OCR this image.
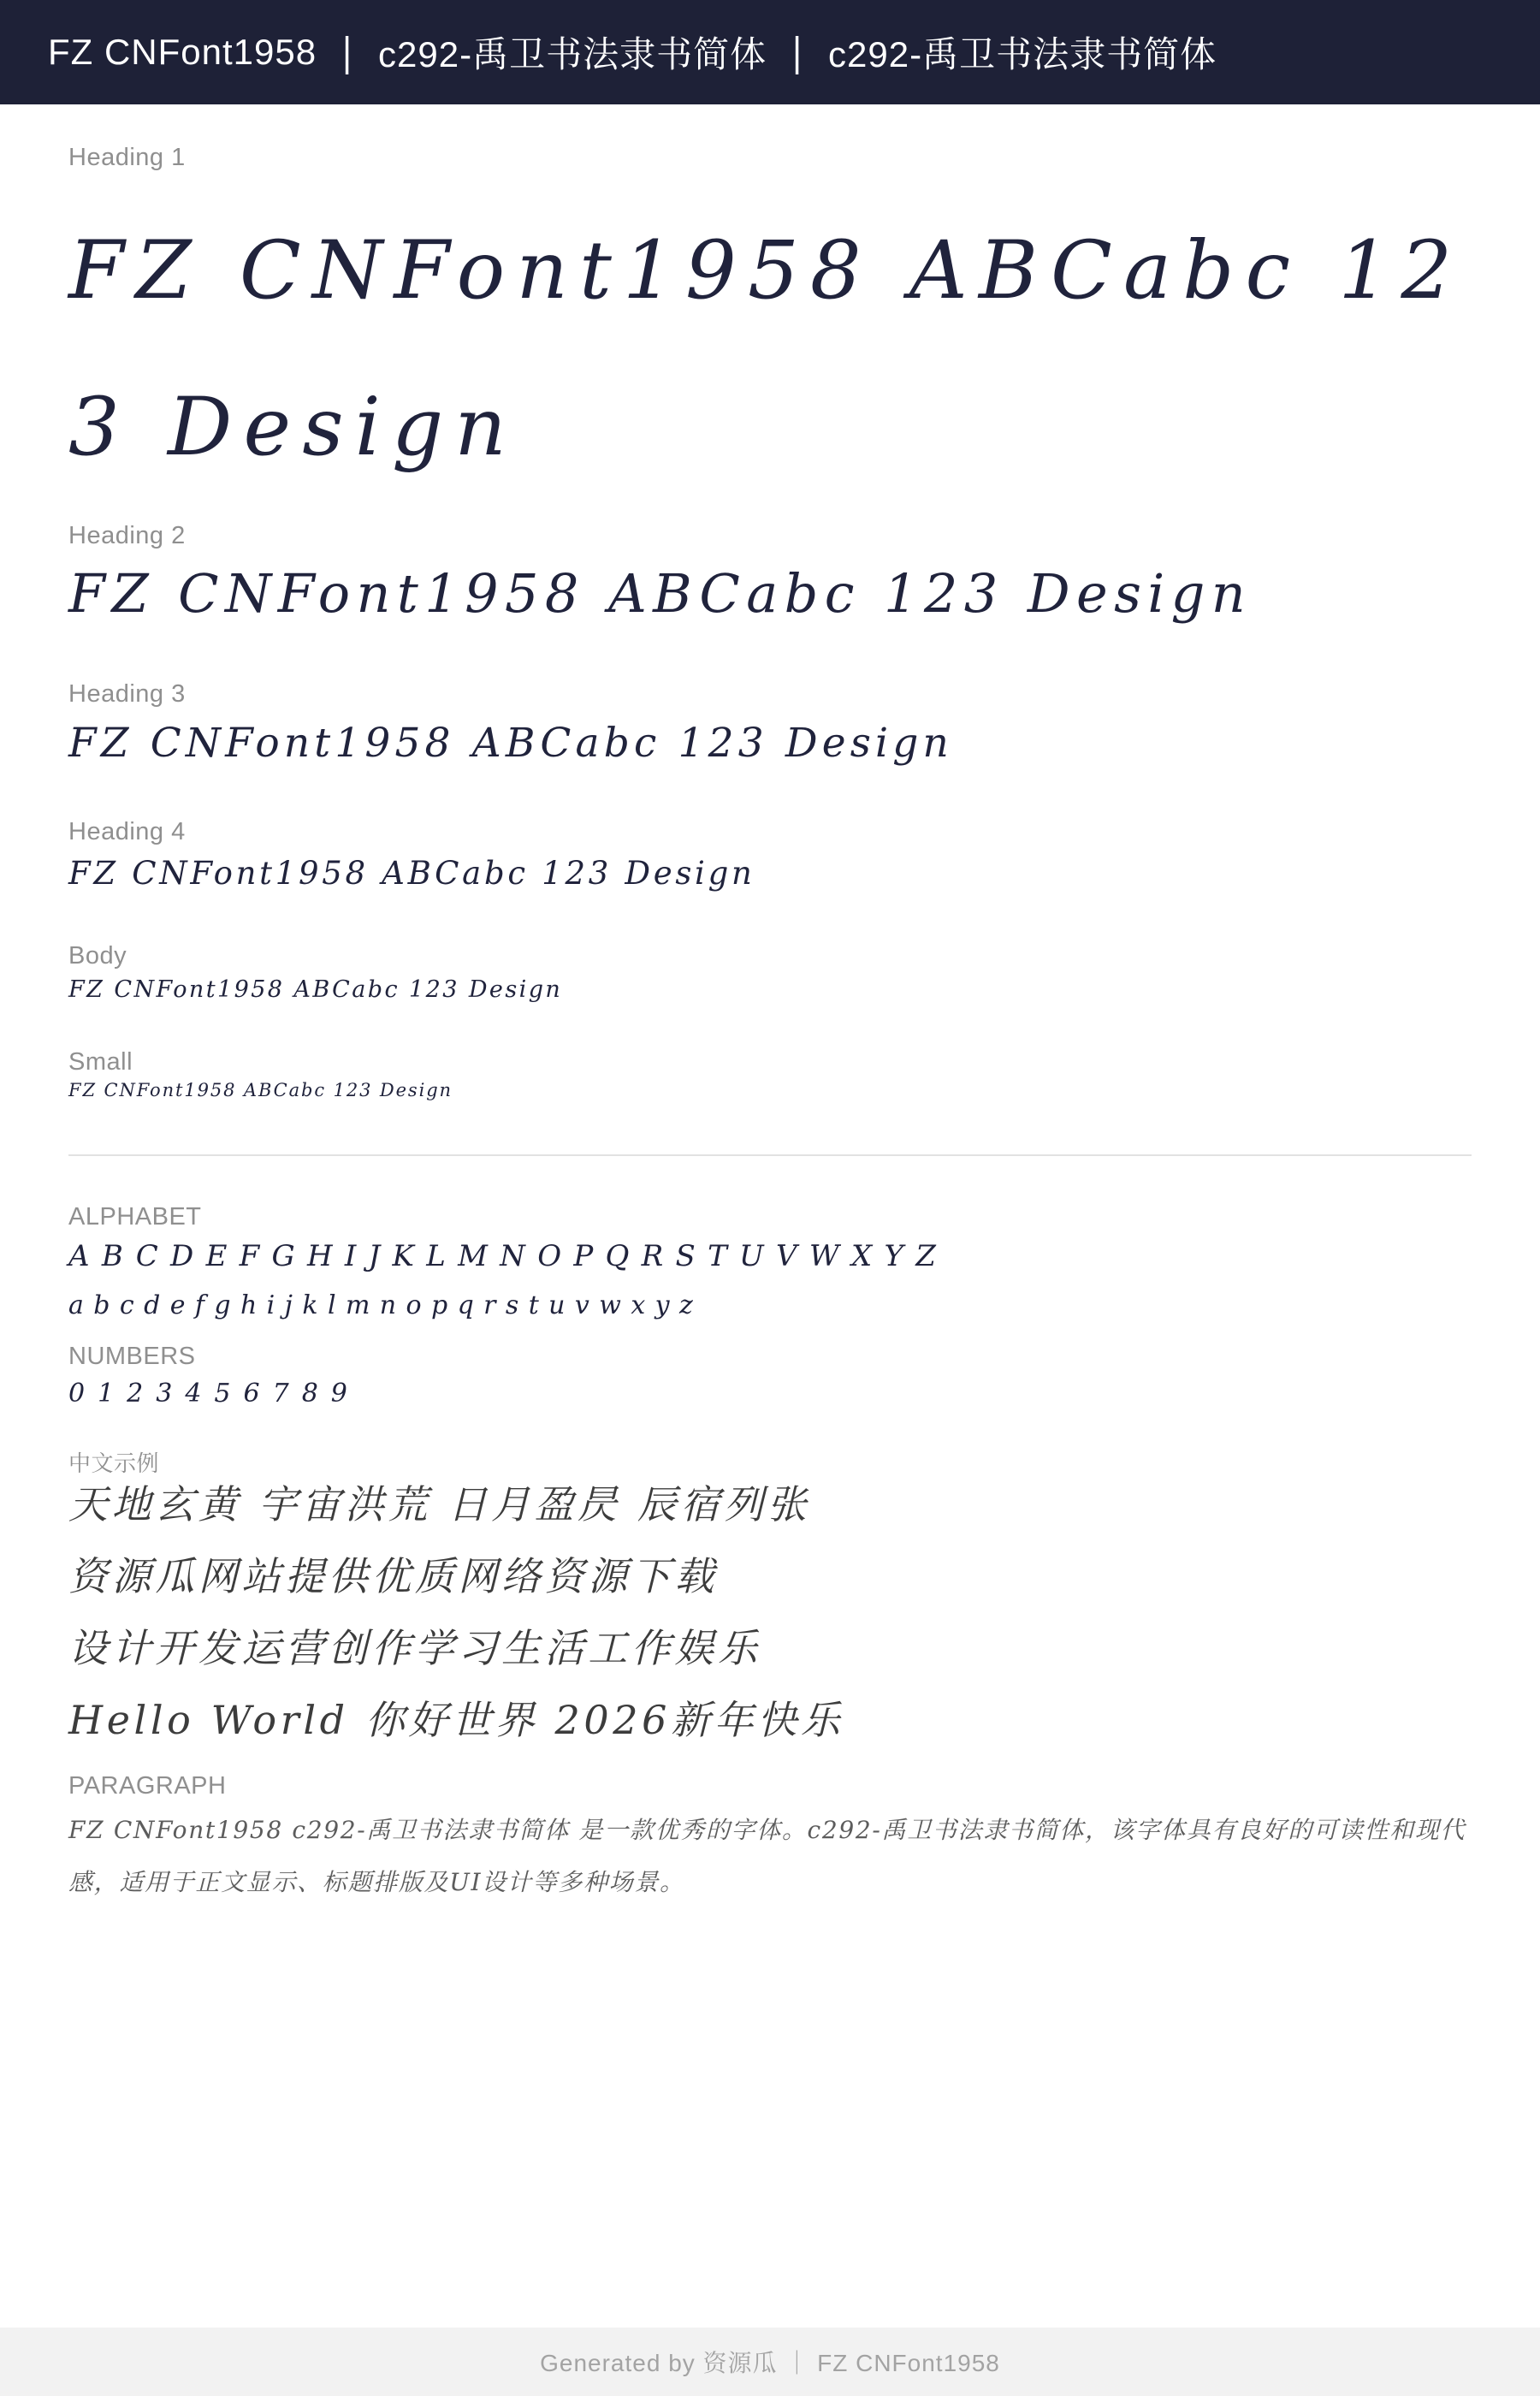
FZ CNFont1958 | c292-禹卫书法隶书简体 | c292-禹卫书法隶书简体
Heading 1
FZ CNFont1958 ABCabc 123 Design
Heading 2
FZ CNFont1958 ABCabc 123 Design
Heading 3
FZ CNFont1958 ABCabc 123 Design
Heading 4
FZ CNFont1958 ABCabc 123 Design
Body
FZ CNFont1958 ABCabc 123 Design
Small
FZ CNFont1958 ABCabc 123 Design
ALPHABET
ABCDEFGHIJKLMNOPQRSTUVWXYZ
abcdefghijklmnopqrstuvwxyz
NUMBERS
0123456789
中文示例
天地玄黄 宇宙洪荒 日月盈昃 辰宿列张
资源瓜网站提供优质网络资源下载
设计开发运营创作学习生活工作娱乐
Hello World 你好世界 2026新年快乐
PARAGRAPH

FZ CNFont1958 c292-禹卫书法隶书简体 是一款优秀的字体。c292-禹卫书法隶书简体，该字体具有良好的可读性和现代感，适用于正文显示、标题排版及UI设计等多种场景。

Generated by 资源瓜 ｜ FZ CNFont1958
